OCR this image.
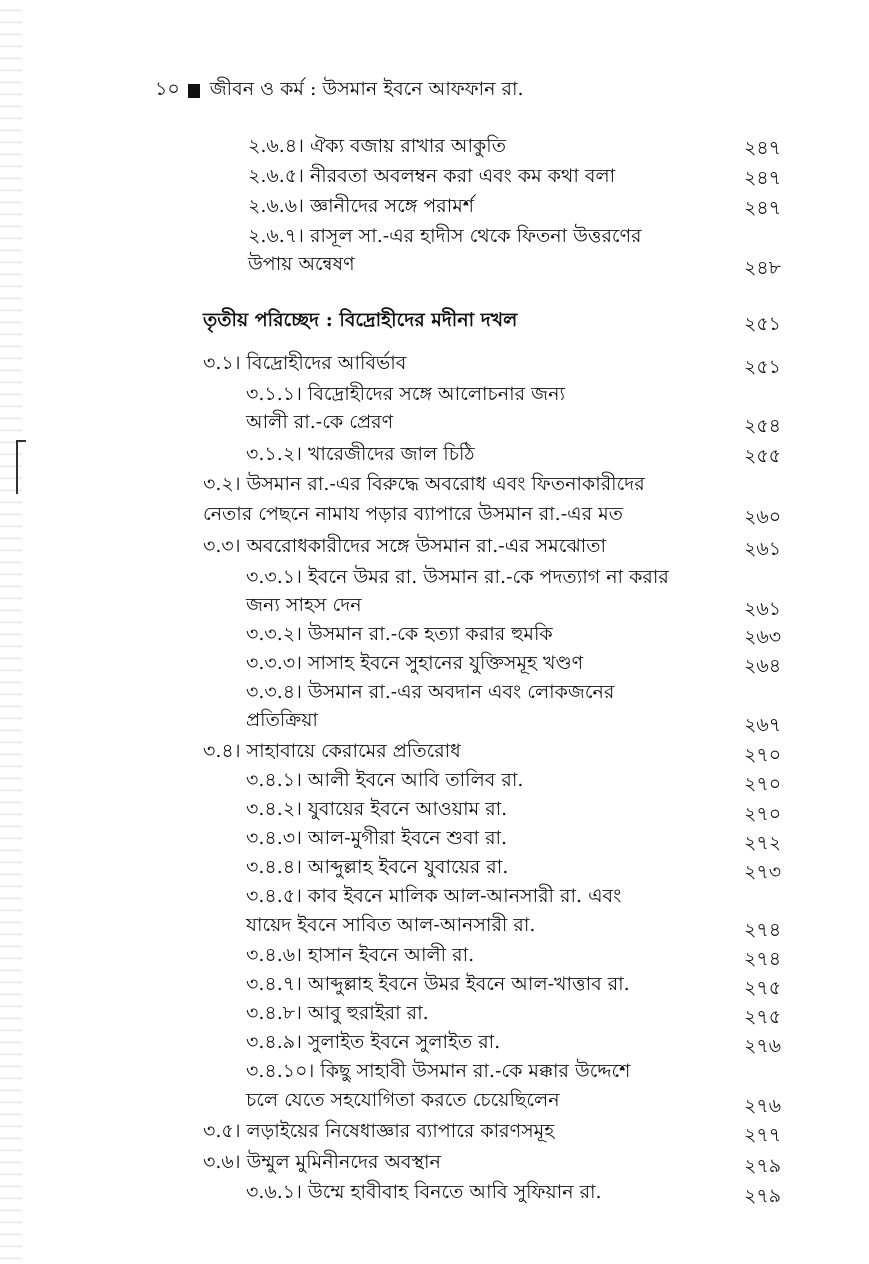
১০ জীবন ও কর্ম : উসমান ইবনে আফফান রা.
২.৬.৪। ঐক্য বজায় রাখার আকুতি	২৪৭
২.৬.৫। নীরবতা অবলম্বন করা এবং কম কথা বলা	২৪৭
২.৬.৬। জ্ঞানীদের সঙ্গে পরামর্শ	২৪৭
২.৬.৭। রাসূল সা.-এর হাদীস থেকে ফিতনা উত্তরণের
উপায় অন্বেষণ	২৪৮
তৃতীয় পরিচ্ছেদ : বিদ্রোহীদের মদীনা দখল	২৫১
৩.১। বিদ্রোহীদের আবির্ভাব	২৫১
৩.১.১। বিদ্রোহীদের সঙ্গে আলোচনার জন্য
আলী রা.-কে প্রেরণ	২৫৪
৩.১.২। খারেজীদের জাল চিঠি	২৫৫
৩.২। উসমান রা.-এর বিরুদ্ধে অবরোধ এবং ফিতনাকারীদের
নেতার পেছনে নামায পড়ার ব্যাপারে উসমান রা.-এর মত	২৬০
৩.৩। অবরোধকারীদের সঙ্গে উসমান রা.-এর সমঝোতা	২৬১
৩.৩.১। ইবনে উমর রা. উসমান রা.-কে পদত্যাগ না করার
জন্য সাহস দেন	২৬১
৩.৩.২। উসমান রা.-কে হত্যা করার হুমকি	২৬৩
৩.৩.৩। সাসাহ ইবনে সুহানের যুক্তিসমূহ খণ্ডণ	২৬৪
৩.৩.৪। উসমান রা.-এর অবদান এবং লোকজনের
প্রতিক্রিয়া	২৬৭
৩.৪। সাহাবায়ে কেরামের প্রতিরোধ	২৭০
৩.৪.১। আলী ইবনে আবি তালিব রা.	২৭০
৩.৪.২। যুবায়ের ইবনে আওয়াম রা.	২৭০
৩.৪.৩। আল-মুগীরা ইবনে শুবা রা.	২৭২
৩.৪.৪। আব্দুল্লাহ ইবনে যুবায়ের রা.	২৭৩
৩.৪.৫। কাব ইবনে মালিক আল-আনসারী রা. এবং
যায়েদ ইবনে সাবিত আল-আনসারী রা.	২৭৪
৩.৪.৬। হাসান ইবনে আলী রা.	২৭৪
৩.৪.৭। আব্দুল্লাহ ইবনে উমর ইবনে আল-খাত্তাব রা.	২৭৫
৩.৪.৮। আবু হুরাইরা রা.	২৭৫
৩.৪.৯। সুলাইত ইবনে সুলাইত রা.	২৭৬
৩.৪.১০। কিছু সাহাবী উসমান রা.-কে মক্কার উদ্দেশে
চলে যেতে সহযোগিতা করতে চেয়েছিলেন	২৭৬
৩.৫। লড়াইয়ের নিষেধাজ্ঞার ব্যাপারে কারণসমূহ	২৭৭
৩.৬। উম্মুল মুমিনীনদের অবস্থান	২৭৯
৩.৬.১। উম্মে হাবীবাহ বিনতে আবি সুফিয়ান রা.	২৭৯
